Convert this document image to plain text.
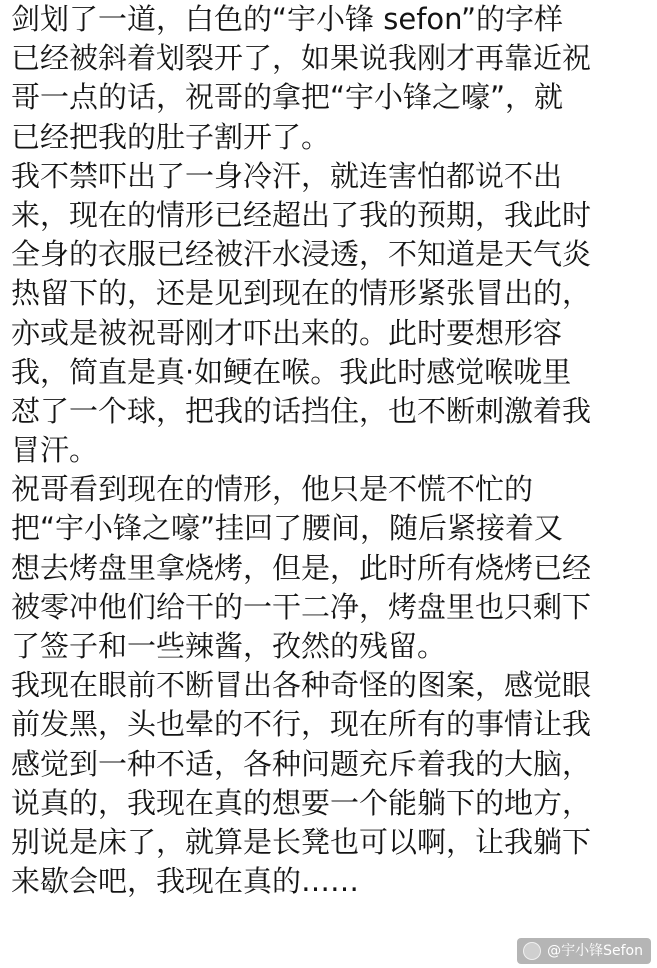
剑划了一道，白色的“宇小锋 sefon”的字样
已经被斜着划裂开了，如果说我刚才再靠近祝
哥一点的话，祝哥的拿把“宇小锋之嚎”，就
已经把我的肚子割开了。
我不禁吓出了一身冷汗，就连害怕都说不出
来，现在的情形已经超出了我的预期，我此时
全身的衣服已经被汗水浸透，不知道是天气炎
热留下的，还是见到现在的情形紧张冒出的，
亦或是被祝哥刚才吓出来的。此时要想形容
我，简直是真·如鲠在喉。我此时感觉喉咙里
怼了一个球，把我的话挡住，也不断刺激着我
冒汗。
祝哥看到现在的情形，他只是不慌不忙的
把“宇小锋之嚎”挂回了腰间，随后紧接着又
想去烤盘里拿烧烤，但是，此时所有烧烤已经
被零冲他们给干的一干二净，烤盘里也只剩下
了签子和一些辣酱，孜然的残留。
我现在眼前不断冒出各种奇怪的图案，感觉眼
前发黑，头也晕的不行，现在所有的事情让我
感觉到一种不适，各种问题充斥着我的大脑，
说真的，我现在真的想要一个能躺下的地方，
别说是床了，就算是长凳也可以啊，让我躺下
来歇会吧，我现在真的……
@宇小锋Sefon
